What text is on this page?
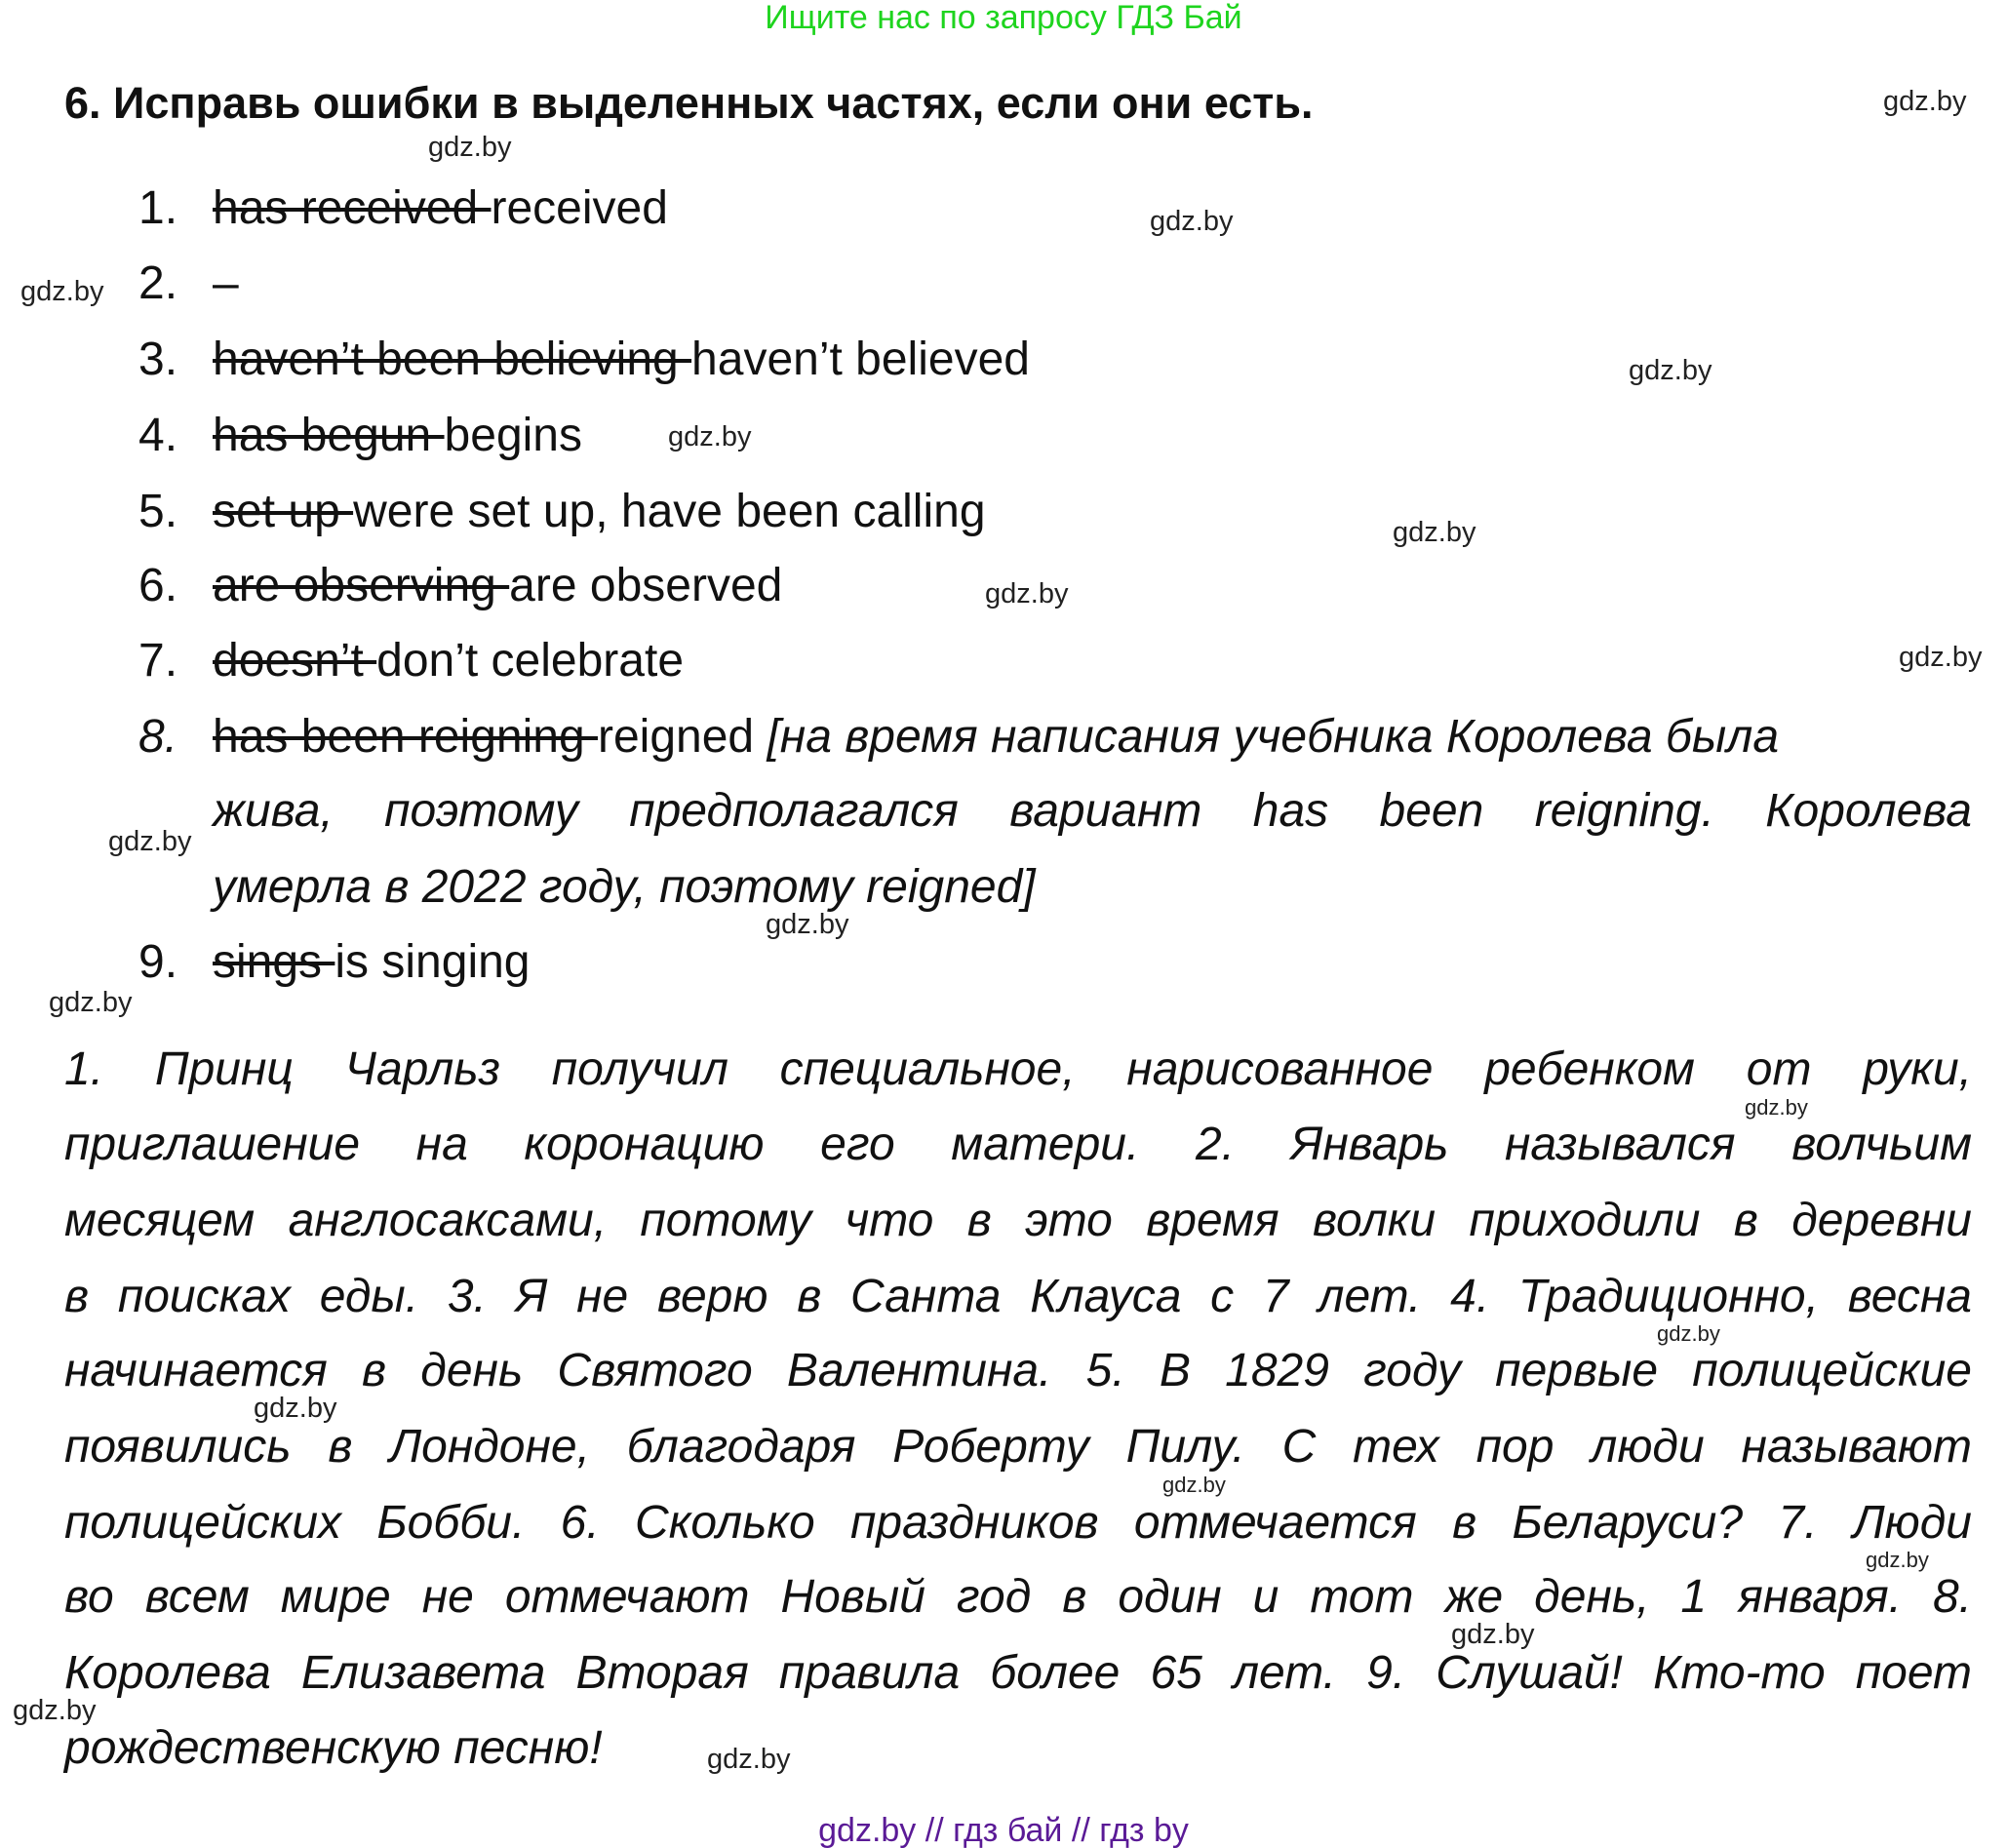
Ищите нас по запросу ГДЗ Бай
6. Исправь ошибки в выделенных частях, если они есть.
1. has received received
2. –
3. haven’t been believing haven’t believed
4. has begun begins
5. set up were set up, have been calling
6. are observing are observed
7. doesn’t don’t celebrate
8. has been reigning reigned [на время написания учебника Королева была
жива, поэтому предполагался вариант has been reigning. Королева
умерла в 2022 году, поэтому reigned]
9. sings is singing
1. Принц Чарльз получил специальное, нарисованное ребенком от руки,
приглашение на коронацию его матери. 2. Январь назывался волчьим
месяцем англосаксами, потому что в это время волки приходили в деревни
в поисках еды. 3. Я не верю в Санта Клауса с 7 лет. 4. Традиционно, весна
начинается в день Святого Валентина. 5. В 1829 году первые полицейские
появились в Лондоне, благодаря Роберту Пилу. С тех пор люди называют
полицейских Бобби. 6. Сколько праздников отмечается в Беларуси? 7. Люди
во всем мире не отмечают Новый год в один и тот же день, 1 января. 8.
Королева Елизавета Вторая правила более 65 лет. 9. Слушай! Кто-то поет
рождественскую песню!
gdz.by
gdz.by
gdz.by
gdz.by
gdz.by
gdz.by
gdz.by
gdz.by
gdz.by
gdz.by
gdz.by
gdz.by
gdz.by
gdz.by
gdz.by
gdz.by
gdz.by
gdz.by
gdz.by
gdz.by
gdz.by // гдз бай // гдз by
